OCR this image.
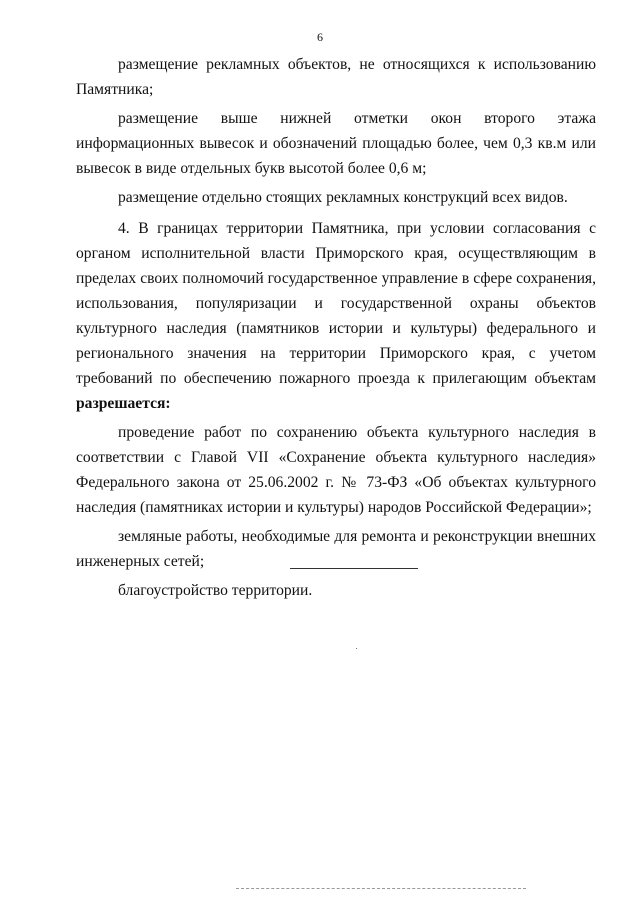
6

размещение рекламных объектов, не относящихся к использованию Памятника;

размещение выше нижней отметки окон второго этажа информационных вывесок и обозначений площадью более, чем 0,3 кв.м или вывесок в виде отдельных букв высотой более 0,6 м;

размещение отдельно стоящих рекламных конструкций всех видов.

4. В границах территории Памятника, при условии согласования с органом исполнительной власти Приморского края, осуществляющим в пределах своих полномочий государственное управление в сфере сохранения, использования, популяризации и государственной охраны объектов культурного наследия (памятников истории и культуры) федерального и регионального значения на территории Приморского края, с учетом требований по обеспечению пожарного проезда к прилегающим объектам разрешается:

проведение работ по сохранению объекта культурного наследия в соответствии с Главой VII «Сохранение объекта культурного наследия» Федерального закона от 25.06.2002 г. № 73-ФЗ «Об объектах культурного наследия (памятниках истории и культуры) народов Российской Федерации»;

земляные работы, необходимые для ремонта и реконструкции внешних инженерных сетей;

благоустройство территории.
